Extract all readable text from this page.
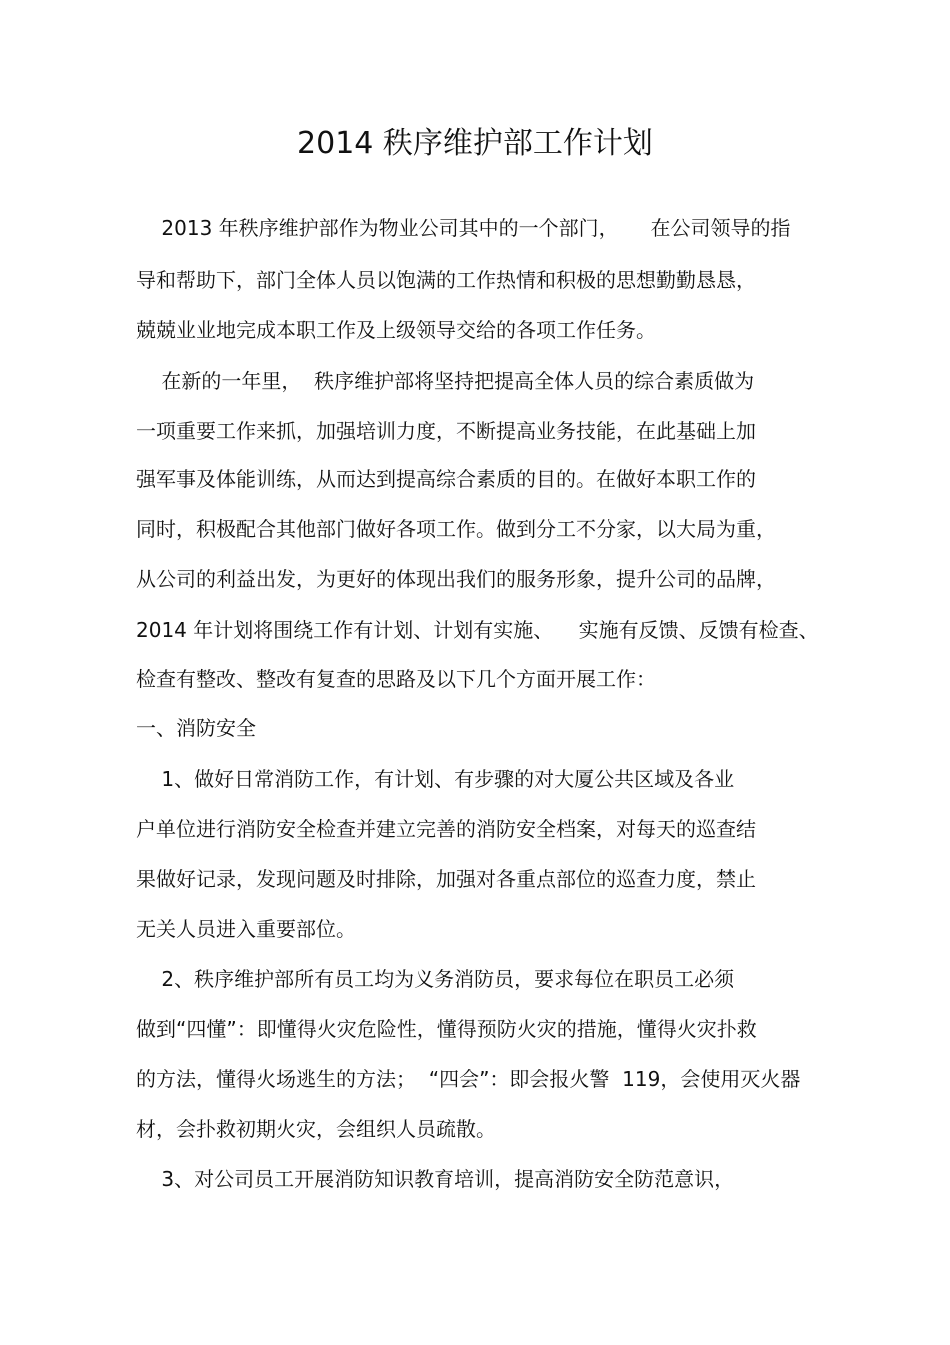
2014 秩序维护部工作计划
2013 年秩序维护部作为物业公司其中的一个部门，     在公司领导的指
导和帮助下，部门全体人员以饱满的工作热情和积极的思想勤勤恳恳，
兢兢业业地完成本职工作及上级领导交给的各项工作任务。
在新的一年里，  秩序维护部将坚持把提高全体人员的综合素质做为
一项重要工作来抓，加强培训力度，不断提高业务技能，在此基础上加
强军事及体能训练，从而达到提高综合素质的目的。在做好本职工作的
同时，积极配合其他部门做好各项工作。做到分工不分家，以大局为重，
从公司的利益出发，为更好的体现出我们的服务形象，提升公司的品牌，
2014 年计划将围绕工作有计划、计划有实施、    实施有反馈、反馈有检查、
检查有整改、整改有复查的思路及以下几个方面开展工作：
一、消防安全
1、做好日常消防工作，有计划、有步骤的对大厦公共区域及各业
户单位进行消防安全检查并建立完善的消防安全档案，对每天的巡查结
果做好记录，发现问题及时排除，加强对各重点部位的巡查力度，禁止
无关人员进入重要部位。
2、秩序维护部所有员工均为义务消防员，要求每位在职员工必须
做到“四懂”：即懂得火灾危险性，懂得预防火灾的措施，懂得火灾扑救
的方法，懂得火场逃生的方法；  “四会”：即会报火警  119，会使用灭火器
材，会扑救初期火灾，会组织人员疏散。
3、对公司员工开展消防知识教育培训，提高消防安全防范意识，
